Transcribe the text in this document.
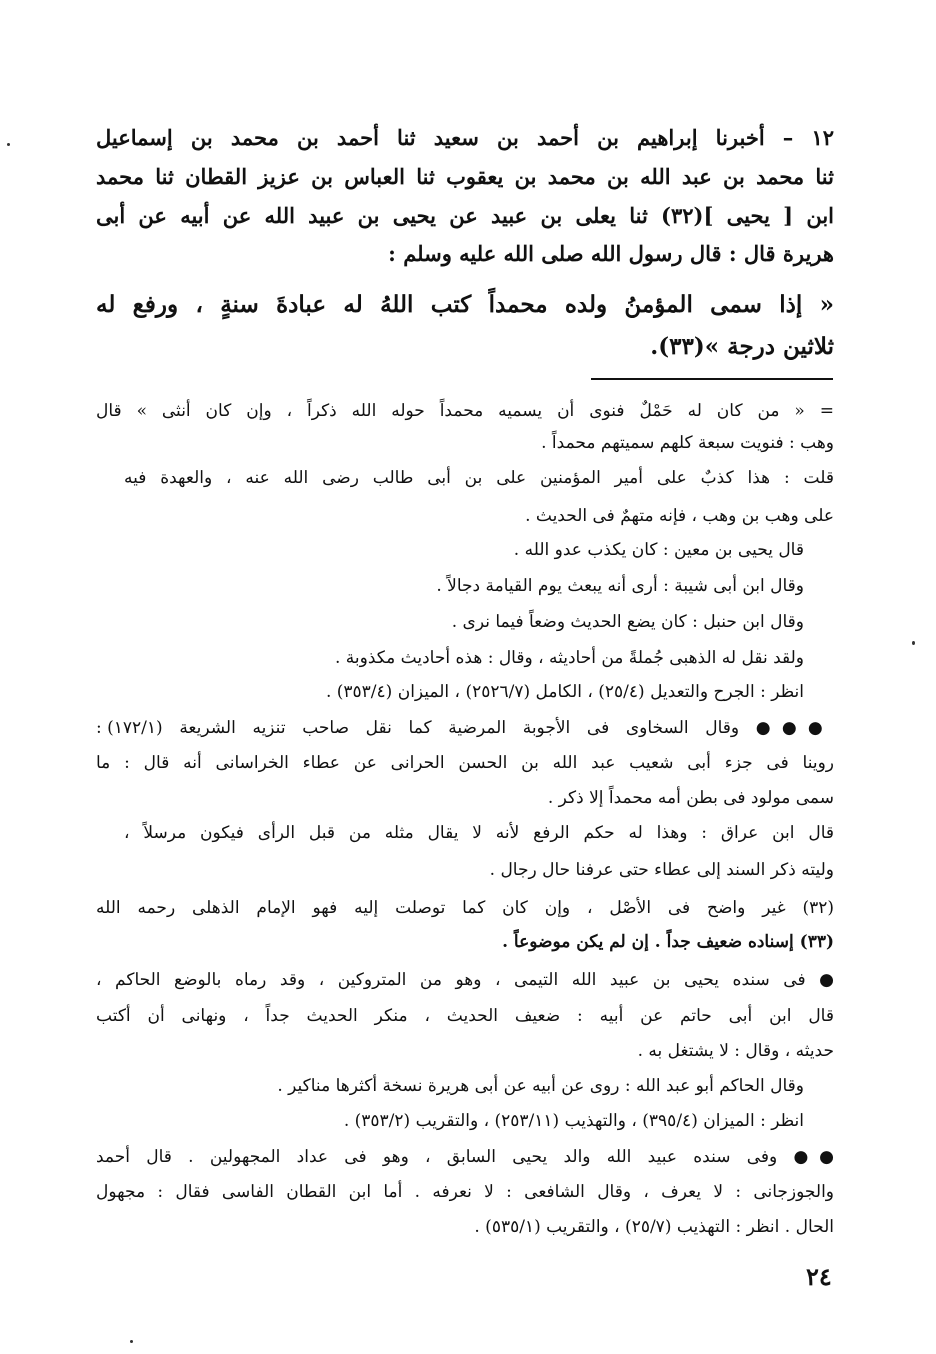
١٢ – أخبرنا إبراهيم بن أحمد بن سعيد ثنا أحمد بن محمد بن إسماعيل
ثنا محمد بن عبد الله بن محمد بن يعقوب ثنا العباس بن عزيز القطان ثنا محمد
ابن [ يحيى ](٣٢) ثنا يعلى بن عبيد عن يحيى بن عبيد الله عن أبيه عن أبى
هريرة قال : قال رسول الله صلى الله عليه وسلم :
« إذا سمى المؤمنُ ولده محمداً كتب اللهُ له عبادةَ سنةٍ ، ورفع له
ثلاثين درجة »(٣٣).
= « من كان له حَمْلٌ فنوى أن يسميه محمداً حوله الله ذكراً ، وإن كان أنثى » قال
وهب : فنويت سبعة كلهم سميتهم محمداً .
قلت : هذا كذبٌ على أمير المؤمنين على بن أبى طالب رضى الله عنه ، والعهدة فيه
على وهب بن وهب ، فإنه متهمٌ فى الحديث .
قال يحيى بن معين : كان يكذب عدو الله .
وقال ابن أبى شيبة : أرى أنه يبعث يوم القيامة دجالاً .
وقال ابن حنبل : كان يضع الحديث وضعاً فيما نرى .
ولقد نقل له الذهبى جُملةً من أحاديثه ، وقال : هذه أحاديث مكذوبة .
انظر : الجرح والتعديل (٢٥/٤) ، الكامل (٢٥٢٦/٧) ، الميزان (٣٥٣/٤) .
●●● وقال السخاوى فى الأجوبة المرضية كما نقل صاحب تنزيه الشريعة (١٧٢/١) :
روينا فى جزء أبى شعيب عبد الله بن الحسن الحرانى عن عطاء الخراسانى أنه قال : ما
سمى مولود فى بطن أمه محمداً إلا ذكر .
قال ابن عراق : وهذا له حكم الرفع لأنه لا يقال مثله من قبل الرأى فيكون مرسلاً ،
وليته ذكر السند إلى عطاء حتى عرفنا حال رجال .
(٣٢) غير واضح فى الأصْل ، وإن كان كما توصلت إليه فهو الإمام الذهلى رحمه الله
(٣٣) إسناده ضعيف جداً . إن لم يكن موضوعاً .
● فى سنده يحيى بن عبيد الله التيمى ، وهو من المتروكين ، وقد رماه بالوضع الحاكم ،
قال ابن أبى حاتم عن أبيه : ضعيف الحديث ، منكر الحديث جداً ، ونهانى أن أكتب
حديثه ، وقال : لا يشتغل به .
وقال الحاكم أبو عبد الله : روى عن أبيه عن أبى هريرة نسخة أكثرها مناكير .
انظر : الميزان (٣٩٥/٤) ، والتهذيب (٢٥٣/١١) ، والتقريب (٣٥٣/٢) .
●● وفى سنده عبيد الله والد يحيى السابق ، وهو فى عداد المجهولين . قال أحمد
والجوزجانى : لا يعرف ، وقال الشافعى : لا نعرفه . أما ابن القطان الفاسى فقال : مجهول
الحال . انظر : التهذيب (٢٥/٧) ، والتقريب (٥٣٥/١) .
٢٤
